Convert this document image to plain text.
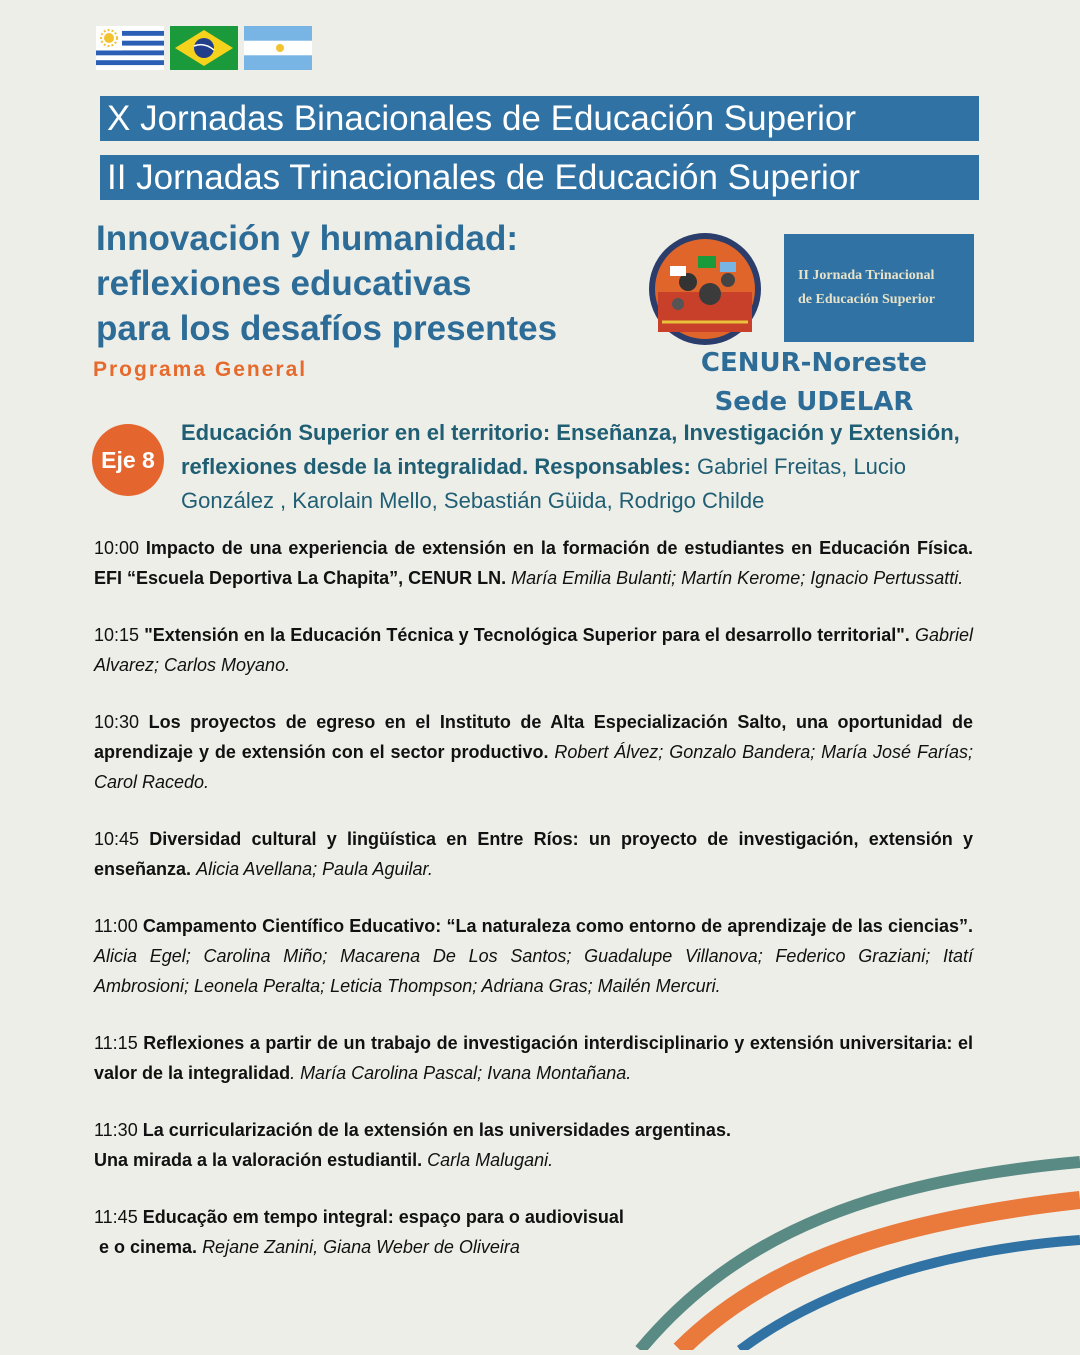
X Jornadas Binacionales de Educación Superior
II Jornadas Trinacionales de Educación Superior
Innovación y humanidad:
reflexiones educativas
para los desafíos presentes
Programa General
II Jornada Trinacional
de Educación Superior
CENUR-Noreste
Sede UDELAR
Eje 8
Educación Superior en el territorio: Enseñanza, Investigación y Extensión, reflexiones desde la integralidad. Responsables: Gabriel Freitas, Lucio González , Karolain Mello, Sebastián Güida, Rodrigo Childe
10:00 Impacto de una experiencia de extensión en la formación de estudiantes en Educación Física. EFI “Escuela Deportiva La Chapita”, CENUR LN. María Emilia Bulanti; Martín Kerome; Ignacio Pertussatti.
10:15 "Extensión en la Educación Técnica y Tecnológica Superior para el desarrollo territorial". Gabriel Alvarez; Carlos Moyano.
10:30 Los proyectos de egreso en el Instituto de Alta Especialización Salto, una oportunidad de aprendizaje y de extensión con el sector productivo. Robert Álvez; Gonzalo Bandera; María José Farías; Carol Racedo.
10:45 Diversidad cultural y lingüística en Entre Ríos: un proyecto de investigación, extensión y enseñanza. Alicia Avellana; Paula Aguilar.
11:00 Campamento Científico Educativo: “La naturaleza como entorno de aprendizaje de las ciencias”. Alicia Egel; Carolina Miño; Macarena De Los Santos; Guadalupe Villanova; Federico Graziani; Itatí Ambrosioni; Leonela Peralta; Leticia Thompson; Adriana Gras; Mailén Mercuri.
11:15 Reflexiones a partir de un trabajo de investigación interdisciplinario y extensión universitaria: el valor de la integralidad. María Carolina Pascal; Ivana Montañana.
11:30 La curricularización de la extensión en las universidades argentinas.
Una mirada a la valoración estudiantil. Carla Malugani.
11:45 Educação em tempo integral: espaço para o audiovisual
e o cinema. Rejane Zanini, Giana Weber de Oliveira
